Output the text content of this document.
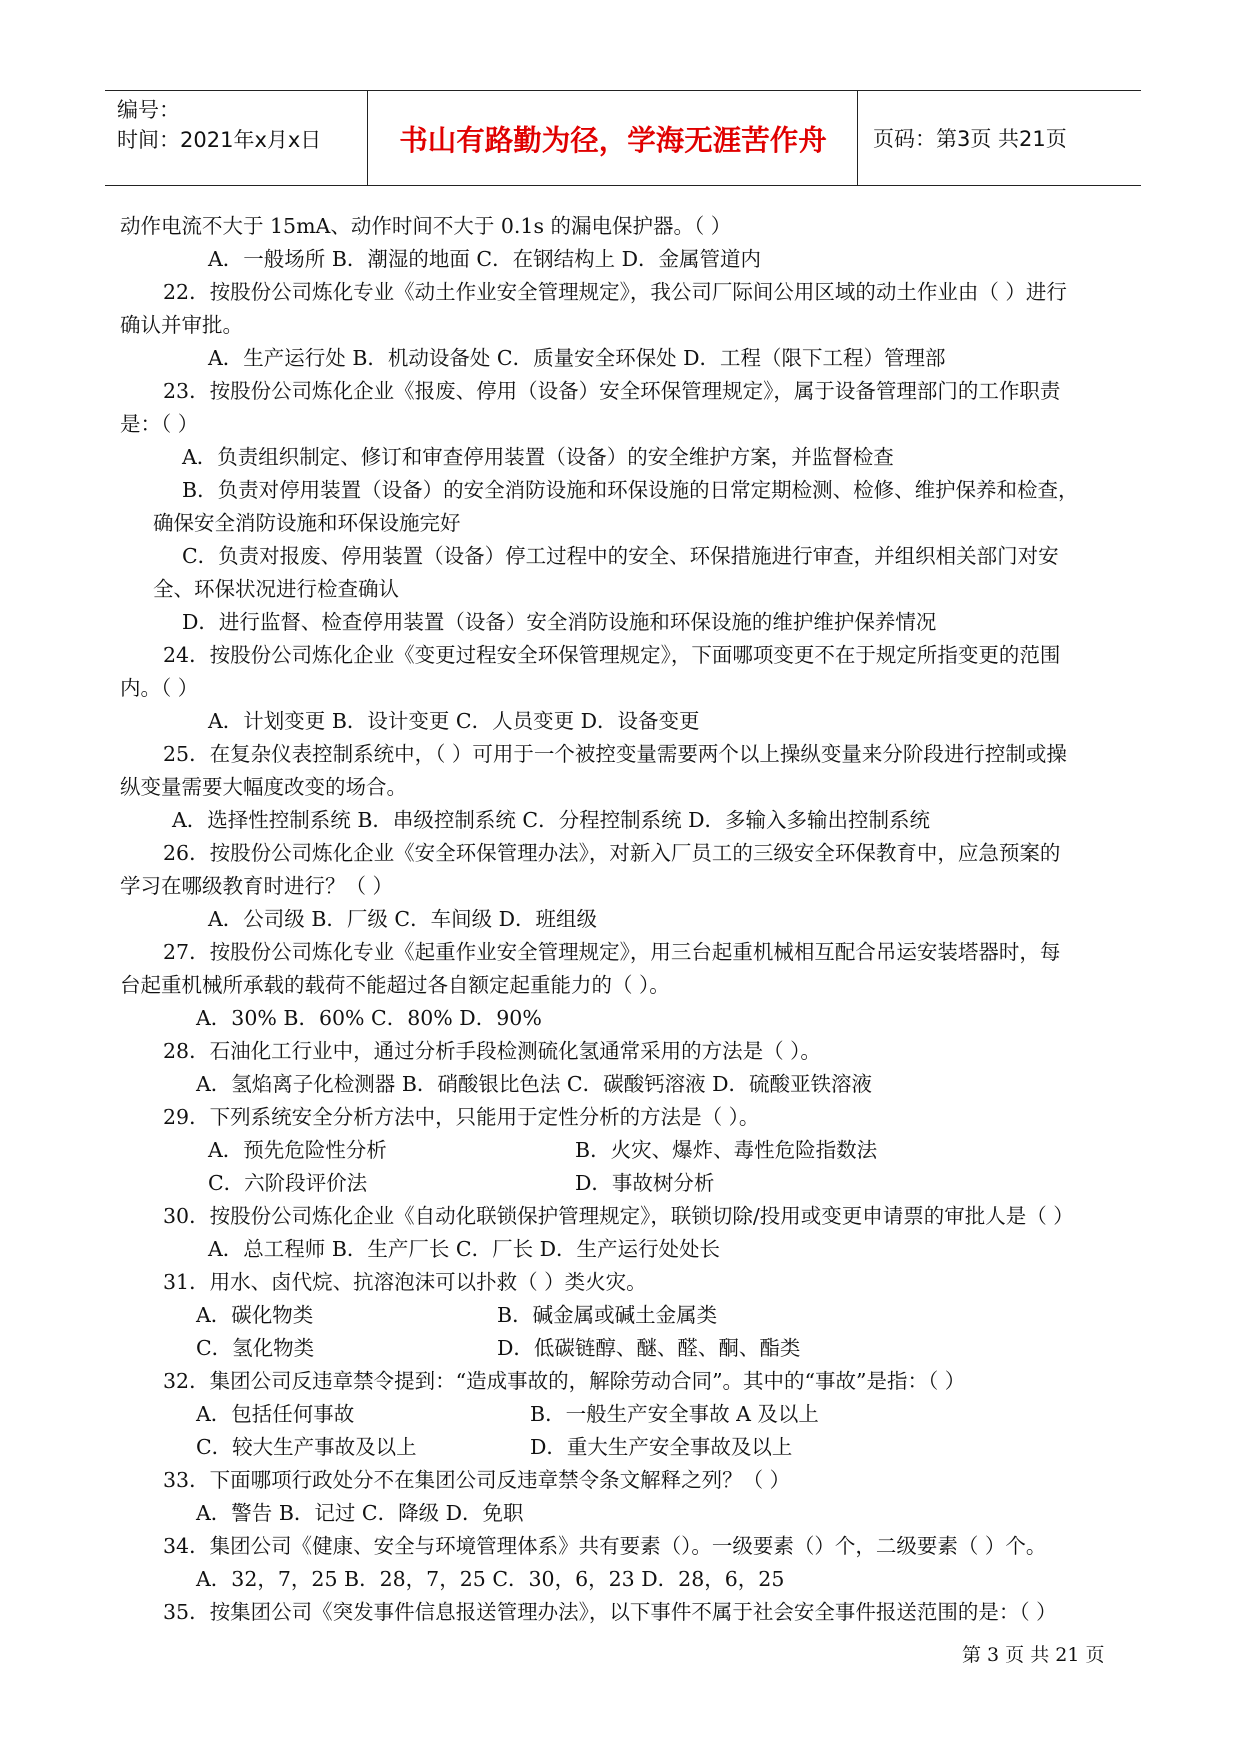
编号：
时间：2021年x月x日	书山有路勤为径，学海无涯苦作舟	页码：第3页 共21页
动作电流不大于 15mA、动作时间不大于 0.1s 的漏电保护器。（ ）
A．一般场所 B．潮湿的地面 C．在钢结构上 D．金属管道内
22．按股份公司炼化专业《动土作业安全管理规定》，我公司厂际间公用区域的动土作业由（ ）进行
确认并审批。
A．生产运行处 B．机动设备处 C．质量安全环保处 D．工程（限下工程）管理部
23．按股份公司炼化企业《报废、停用（设备）安全环保管理规定》，属于设备管理部门的工作职责
是：（ ）
A．负责组织制定、修订和审查停用装置（设备）的安全维护方案，并监督检查
B．负责对停用装置（设备）的安全消防设施和环保设施的日常定期检测、检修、维护保养和检查，
确保安全消防设施和环保设施完好
C．负责对报废、停用装置（设备）停工过程中的安全、环保措施进行审查，并组织相关部门对安
全、环保状况进行检查确认
D．进行监督、检查停用装置（设备）安全消防设施和环保设施的维护维护保养情况
24．按股份公司炼化企业《变更过程安全环保管理规定》，下面哪项变更不在于规定所指变更的范围
内。（ ）
A．计划变更 B．设计变更 C．人员变更 D．设备变更
25．在复杂仪表控制系统中，（ ）可用于一个被控变量需要两个以上操纵变量来分阶段进行控制或操
纵变量需要大幅度改变的场合。
A．选择性控制系统 B．串级控制系统 C．分程控制系统 D．多输入多输出控制系统
26．按股份公司炼化企业《安全环保管理办法》，对新入厂员工的三级安全环保教育中，应急预案的
学习在哪级教育时进行？（ ）
A．公司级 B．厂级 C．车间级 D．班组级
27．按股份公司炼化专业《起重作业安全管理规定》，用三台起重机械相互配合吊运安装塔器时，每
台起重机械所承载的载荷不能超过各自额定起重能力的（ ）。
A．30% B．60% C．80% D．90%
28．石油化工行业中，通过分析手段检测硫化氢通常采用的方法是（ ）。
A．氢焰离子化检测器 B．硝酸银比色法 C．碳酸钙溶液 D．硫酸亚铁溶液
29．下列系统安全分析方法中，只能用于定性分析的方法是（ ）。
A．预先危险性分析	B．火灾、爆炸、毒性危险指数法
C．六阶段评价法	D．事故树分析
30．按股份公司炼化企业《自动化联锁保护管理规定》，联锁切除/投用或变更申请票的审批人是（ ）
A．总工程师 B．生产厂长 C．厂长 D．生产运行处处长
31．用水、卤代烷、抗溶泡沫可以扑救（ ）类火灾。
A．碳化物类	B．碱金属或碱土金属类
C．氢化物类	D．低碳链醇、醚、醛、酮、酯类
32．集团公司反违章禁令提到：“造成事故的，解除劳动合同”。其中的“事故”是指：（ ）
A．包括任何事故	B．一般生产安全事故 A 及以上
C．较大生产事故及以上	D．重大生产安全事故及以上
33．下面哪项行政处分不在集团公司反违章禁令条文解释之列？（ ）
A．警告 B．记过 C．降级 D．免职
34．集团公司《健康、安全与环境管理体系》共有要素（）。一级要素（）个，二级要素（ ）个。
A．32，7，25 B．28，7，25 C．30，6，23 D．28，6，25
35．按集团公司《突发事件信息报送管理办法》，以下事件不属于社会安全事件报送范围的是：（ ）
第 3 页 共 21 页
